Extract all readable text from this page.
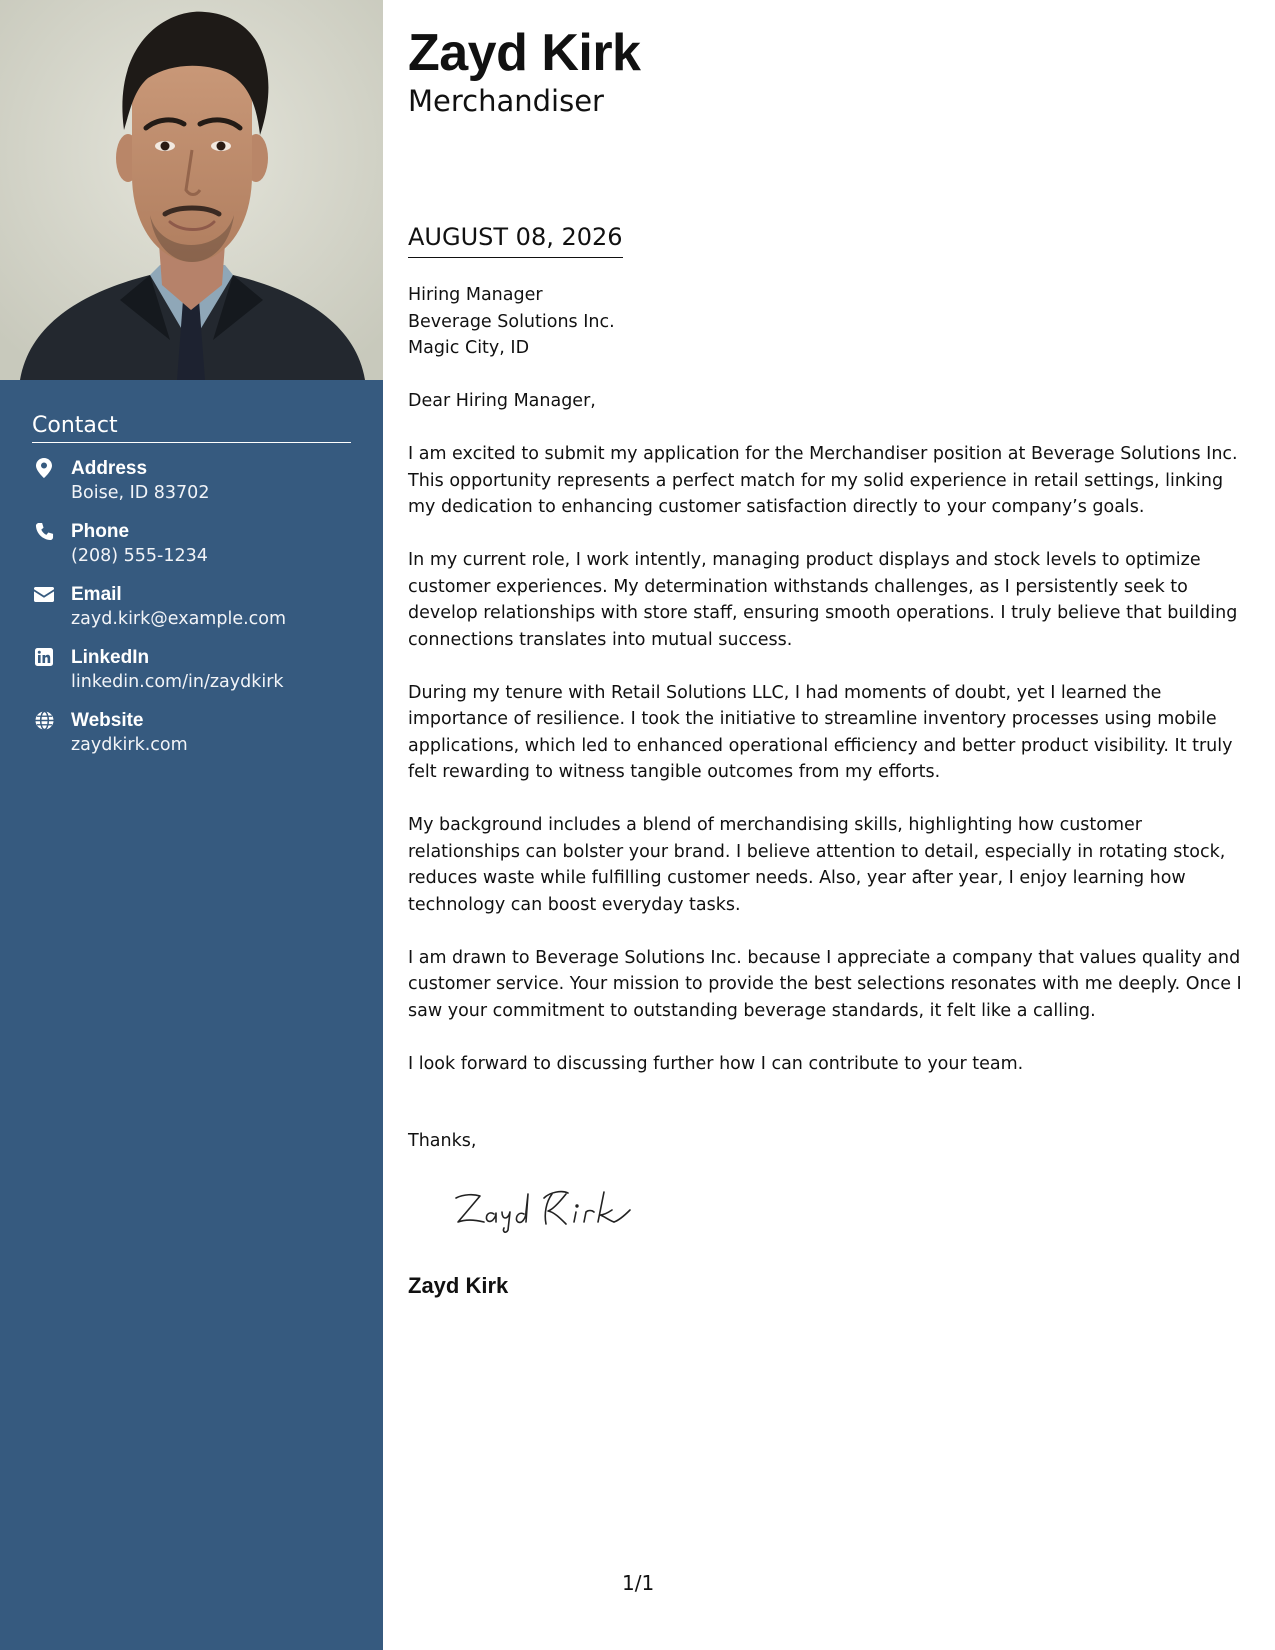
Contact
Address
Boise, ID 83702
Phone
(208) 555-1234
Email
zayd.kirk@example.com
LinkedIn
linkedin.com/in/zaydkirk
Website
zaydkirk.com
Zayd Kirk
Merchandiser
AUGUST 08, 2026
Hiring Manager
Beverage Solutions Inc.
Magic City, ID
Dear Hiring Manager,

I am excited to submit my application for the Merchandiser position at Beverage Solutions Inc. This opportunity represents a perfect match for my solid experience in retail settings, linking my dedication to enhancing customer satisfaction directly to your company’s goals.

In my current role, I work intently, managing product displays and stock levels to optimize customer experiences. My determination withstands challenges, as I persistently seek to develop relationships with store staff, ensuring smooth operations. I truly believe that building connections translates into mutual success.

During my tenure with Retail Solutions LLC, I had moments of doubt, yet I learned the importance of resilience. I took the initiative to streamline inventory processes using mobile applications, which led to enhanced operational efficiency and better product visibility. It truly felt rewarding to witness tangible outcomes from my efforts.

My background includes a blend of merchandising skills, highlighting how customer relationships can bolster your brand. I believe attention to detail, especially in rotating stock, reduces waste while fulfilling customer needs. Also, year after year, I enjoy learning how technology can boost everyday tasks.

I am drawn to Beverage Solutions Inc. because I appreciate a company that values quality and customer service. Your mission to provide the best selections resonates with me deeply. Once I saw your commitment to outstanding beverage standards, it felt like a calling.

I look forward to discussing further how I can contribute to your team.

Thanks,
Zayd Kirk
1/1
